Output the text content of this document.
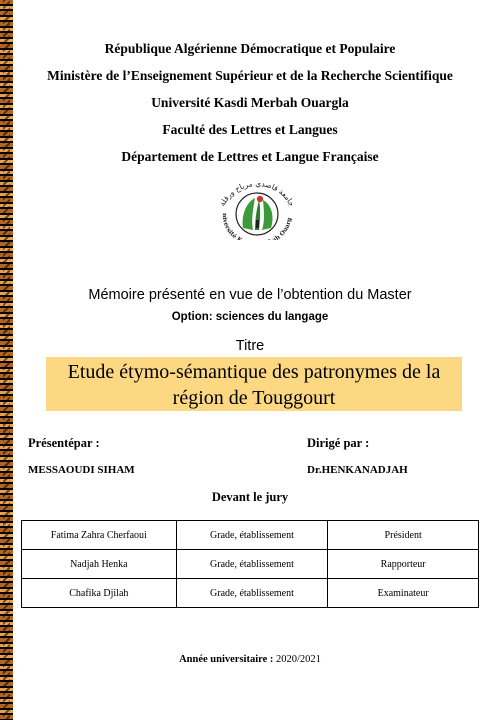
République Algérienne Démocratique et Populaire
Ministère de l’Enseignement Supérieur et de la Recherche Scientifique
Université Kasdi Merbah Ouargla
Faculté des Lettres et Langues
Département de Lettres et Langue Française
جامعة قاصدي مرباح ورقلة
niversité K h Ouarg
Mémoire présenté en vue de l’obtention du Master
Option: sciences du langage
Titre
Etude étymo-sémantique des patronymes de la
région de Touggourt
Présentépar :	Dirigé par :
MESSAOUDI SIHAM	Dr.HENKANADJAH
Devant le jury
Fatima Zahra Cherfaoui	Grade, établissement	Président
Nadjah Henka	Grade, établissement	Rapporteur
Chafika Djilah	Grade, établissement	Examinateur
Année universitaire : 2020/2021
